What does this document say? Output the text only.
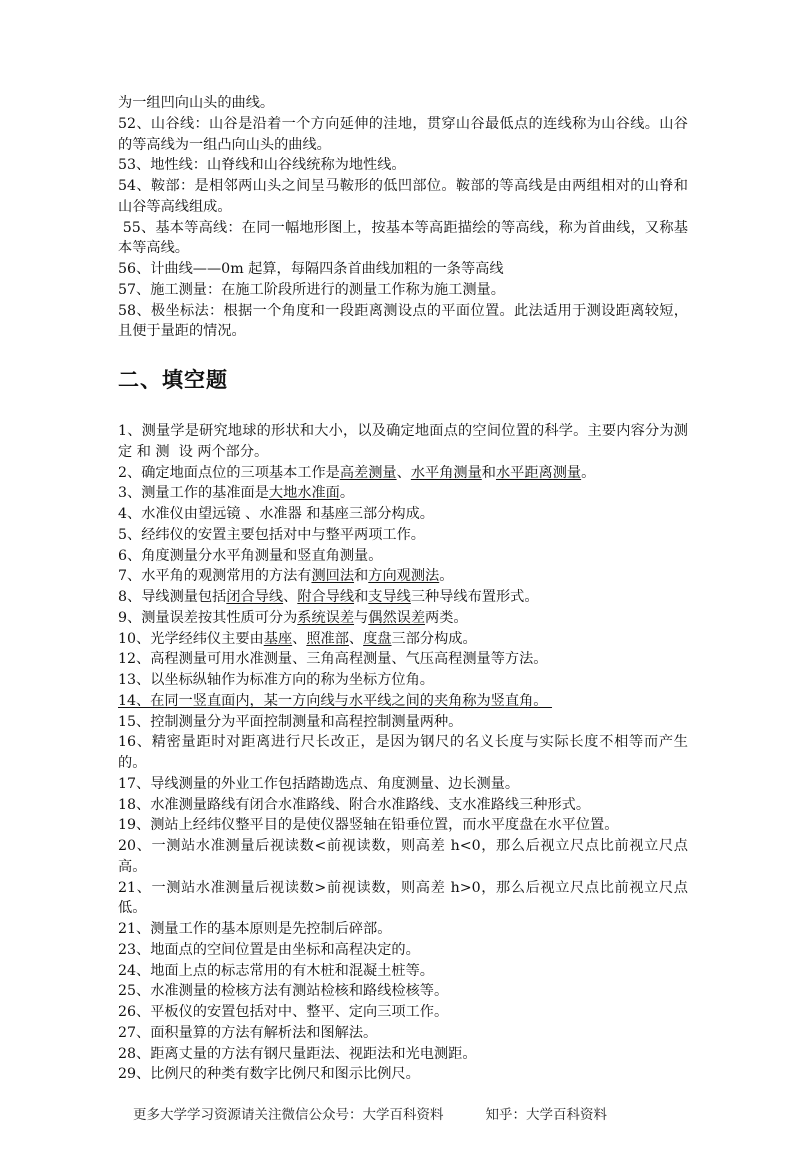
为一组凹向山头的曲线。

52、山谷线：山谷是沿着一个方向延伸的洼地，贯穿山谷最低点的连线称为山谷线。山谷的等高线为一组凸向山头的曲线。

53、地性线：山脊线和山谷线统称为地性线。

54、鞍部：是相邻两山头之间呈马鞍形的低凹部位。鞍部的等高线是由两组相对的山脊和山谷等高线组成。

55、基本等高线：在同一幅地形图上，按基本等高距描绘的等高线，称为首曲线，又称基本等高线。

56、计曲线——0m 起算，每隔四条首曲线加粗的一条等高线

57、施工测量：在施工阶段所进行的测量工作称为施工测量。

58、极坐标法：根据一个角度和一段距离测设点的平面位置。此法适用于测设距离较短，且便于量距的情况。

二、填空题

1、测量学是研究地球的形状和大小，以及确定地面点的空间位置的科学。主要内容分为测定 和 测  设 两个部分。

2、确定地面点位的三项基本工作是高差测量、水平角测量和水平距离测量。

3、测量工作的基准面是大地水准面。

4、水准仪由望远镜 、水准器 和基座三部分构成。

5、经纬仪的安置主要包括对中与整平两项工作。

6、角度测量分水平角测量和竖直角测量。

7、水平角的观测常用的方法有测回法和方向观测法。

8、导线测量包括闭合导线、附合导线和支导线三种导线布置形式。

9、测量误差按其性质可分为系统误差与偶然误差两类。

10、光学经纬仪主要由基座、照准部、度盘三部分构成。

12、高程测量可用水准测量、三角高程测量、气压高程测量等方法。

13、以坐标纵轴作为标准方向的称为坐标方位角。

14、在同一竖直面内，某一方向线与水平线之间的夹角称为竖直角。

15、控制测量分为平面控制测量和高程控制测量两种。

16、精密量距时对距离进行尺长改正，是因为钢尺的名义长度与实际长度不相等而产生的。

17、导线测量的外业工作包括踏勘选点、角度测量、边长测量。

18、水准测量路线有闭合水准路线、附合水准路线、支水准路线三种形式。

19、测站上经纬仪整平目的是使仪器竖轴在铅垂位置，而水平度盘在水平位置。

20、一测站水准测量后视读数<前视读数，则高差 h<0，那么后视立尺点比前视立尺点高。

21、一测站水准测量后视读数>前视读数，则高差 h>0，那么后视立尺点比前视立尺点低。

21、测量工作的基本原则是先控制后碎部。

23、地面点的空间位置是由坐标和高程决定的。

24、地面上点的标志常用的有木桩和混凝土桩等。

25、水准测量的检核方法有测站检核和路线检核等。

26、平板仪的安置包括对中、整平、定向三项工作。

27、面积量算的方法有解析法和图解法。

28、距离丈量的方法有钢尺量距法、视距法和光电测距。

29、比例尺的种类有数字比例尺和图示比例尺。

更多大学学习资源请关注微信公众号：大学百科资料	知乎：大学百科资料
